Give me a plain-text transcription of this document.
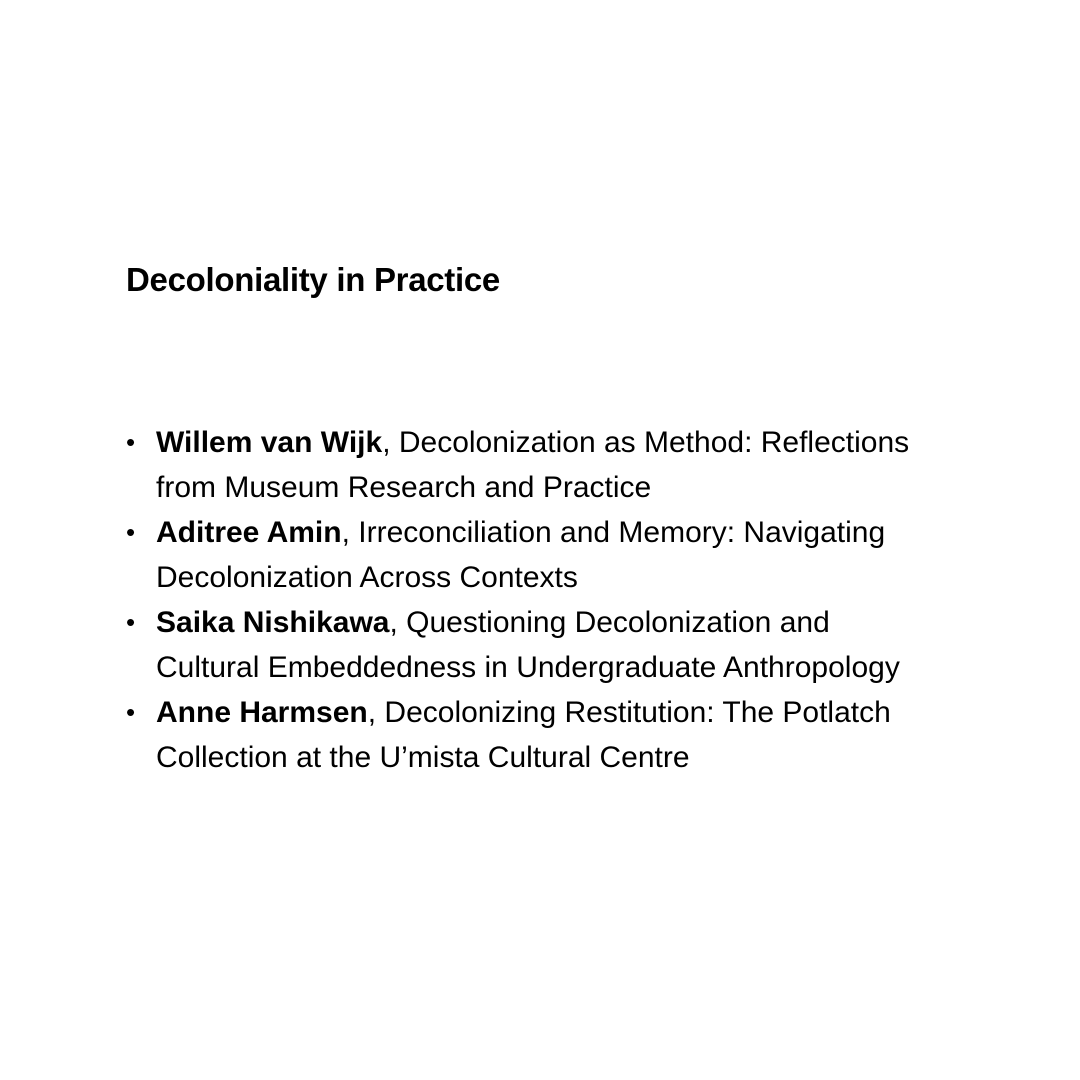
Decoloniality in Practice
• Willem van Wijk, Decolonization as Method: Reflections
from Museum Research and Practice
• Aditree Amin, Irreconciliation and Memory: Navigating
Decolonization Across Contexts
• Saika Nishikawa, Questioning Decolonization and
Cultural Embeddedness in Undergraduate Anthropology
• Anne Harmsen, Decolonizing Restitution: The Potlatch
Collection at the U’mista Cultural Centre
